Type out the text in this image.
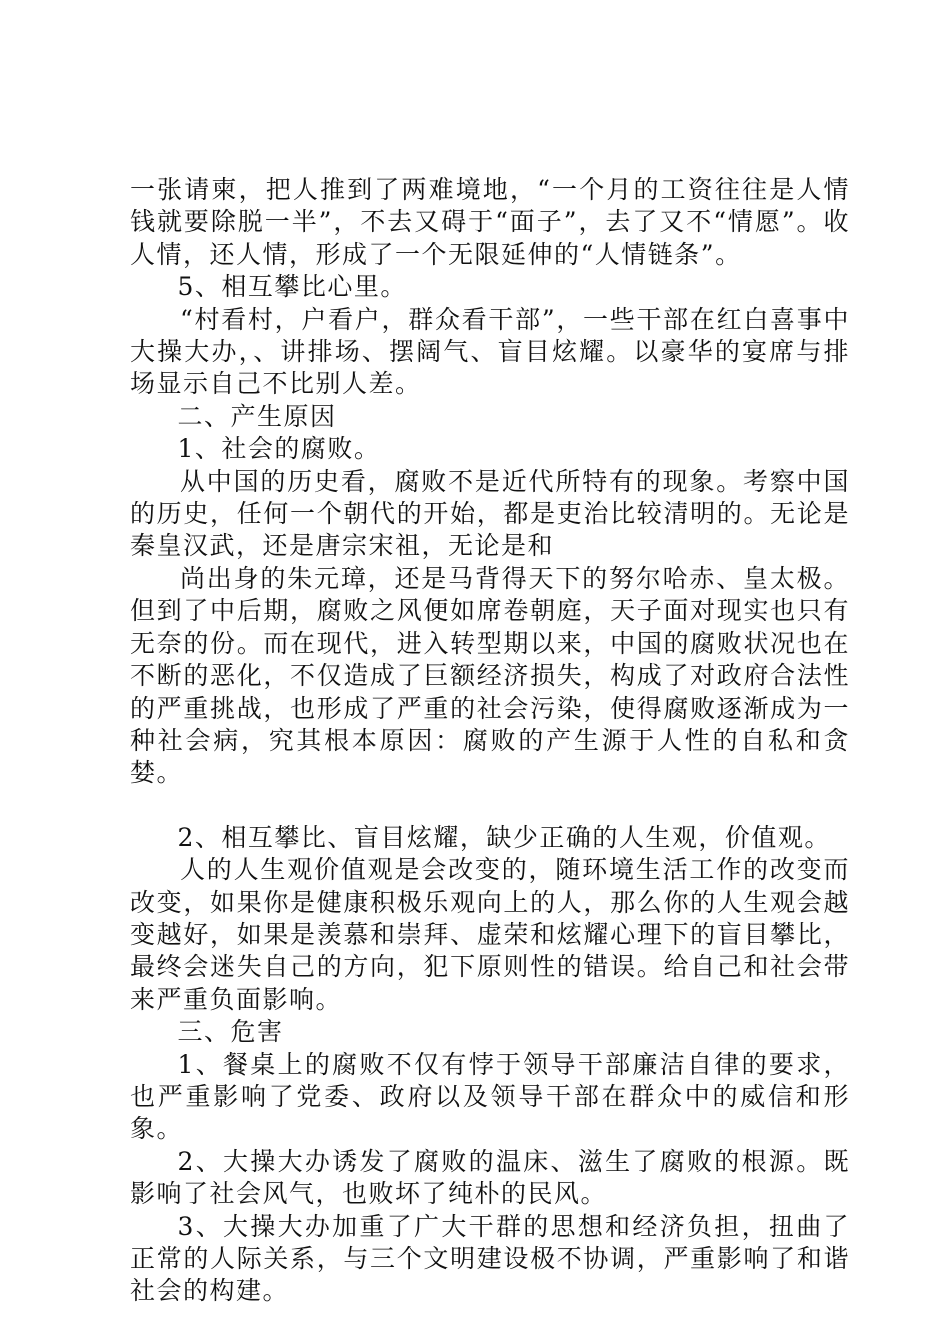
一张请柬，把人推到了两难境地，“一个月的工资往往是人情钱就要除脱一半”，不去又碍于“面子”，去了又不“情愿”。收人情，还人情，形成了一个无限延伸的“人情链条”。

5、相互攀比心里。

“村看村，户看户，群众看干部”，一些干部在红白喜事中大操大办，、讲排场、摆阔气、盲目炫耀。以豪华的宴席与排场显示自己不比别人差。

二、产生原因

1、社会的腐败。

从中国的历史看，腐败不是近代所特有的现象。考察中国的历史，任何一个朝代的开始，都是吏治比较清明的。无论是秦皇汉武，还是唐宗宋祖，无论是和

尚出身的朱元璋，还是马背得天下的努尔哈赤、皇太极。但到了中后期，腐败之风便如席卷朝庭，天子面对现实也只有无奈的份。而在现代，进入转型期以来，中国的腐败状况也在不断的恶化，不仅造成了巨额经济损失，构成了对政府合法性的严重挑战，也形成了严重的社会污染，使得腐败逐渐成为一种社会病，究其根本原因：腐败的产生源于人性的自私和贪婪。

2、相互攀比、盲目炫耀，缺少正确的人生观，价值观。

人的人生观价值观是会改变的，随环境生活工作的改变而改变，如果你是健康积极乐观向上的人，那么你的人生观会越变越好，如果是羡慕和崇拜、虚荣和炫耀心理下的盲目攀比，最终会迷失自己的方向，犯下原则性的错误。给自己和社会带来严重负面影响。

三、危害

1、餐桌上的腐败不仅有悖于领导干部廉洁自律的要求，也严重影响了党委、政府以及领导干部在群众中的威信和形象。

2、大操大办诱发了腐败的温床、滋生了腐败的根源。既影响了社会风气，也败坏了纯朴的民风。

3、大操大办加重了广大干群的思想和经济负担，扭曲了正常的人际关系，与三个文明建设极不协调，严重影响了和谐社会的构建。
